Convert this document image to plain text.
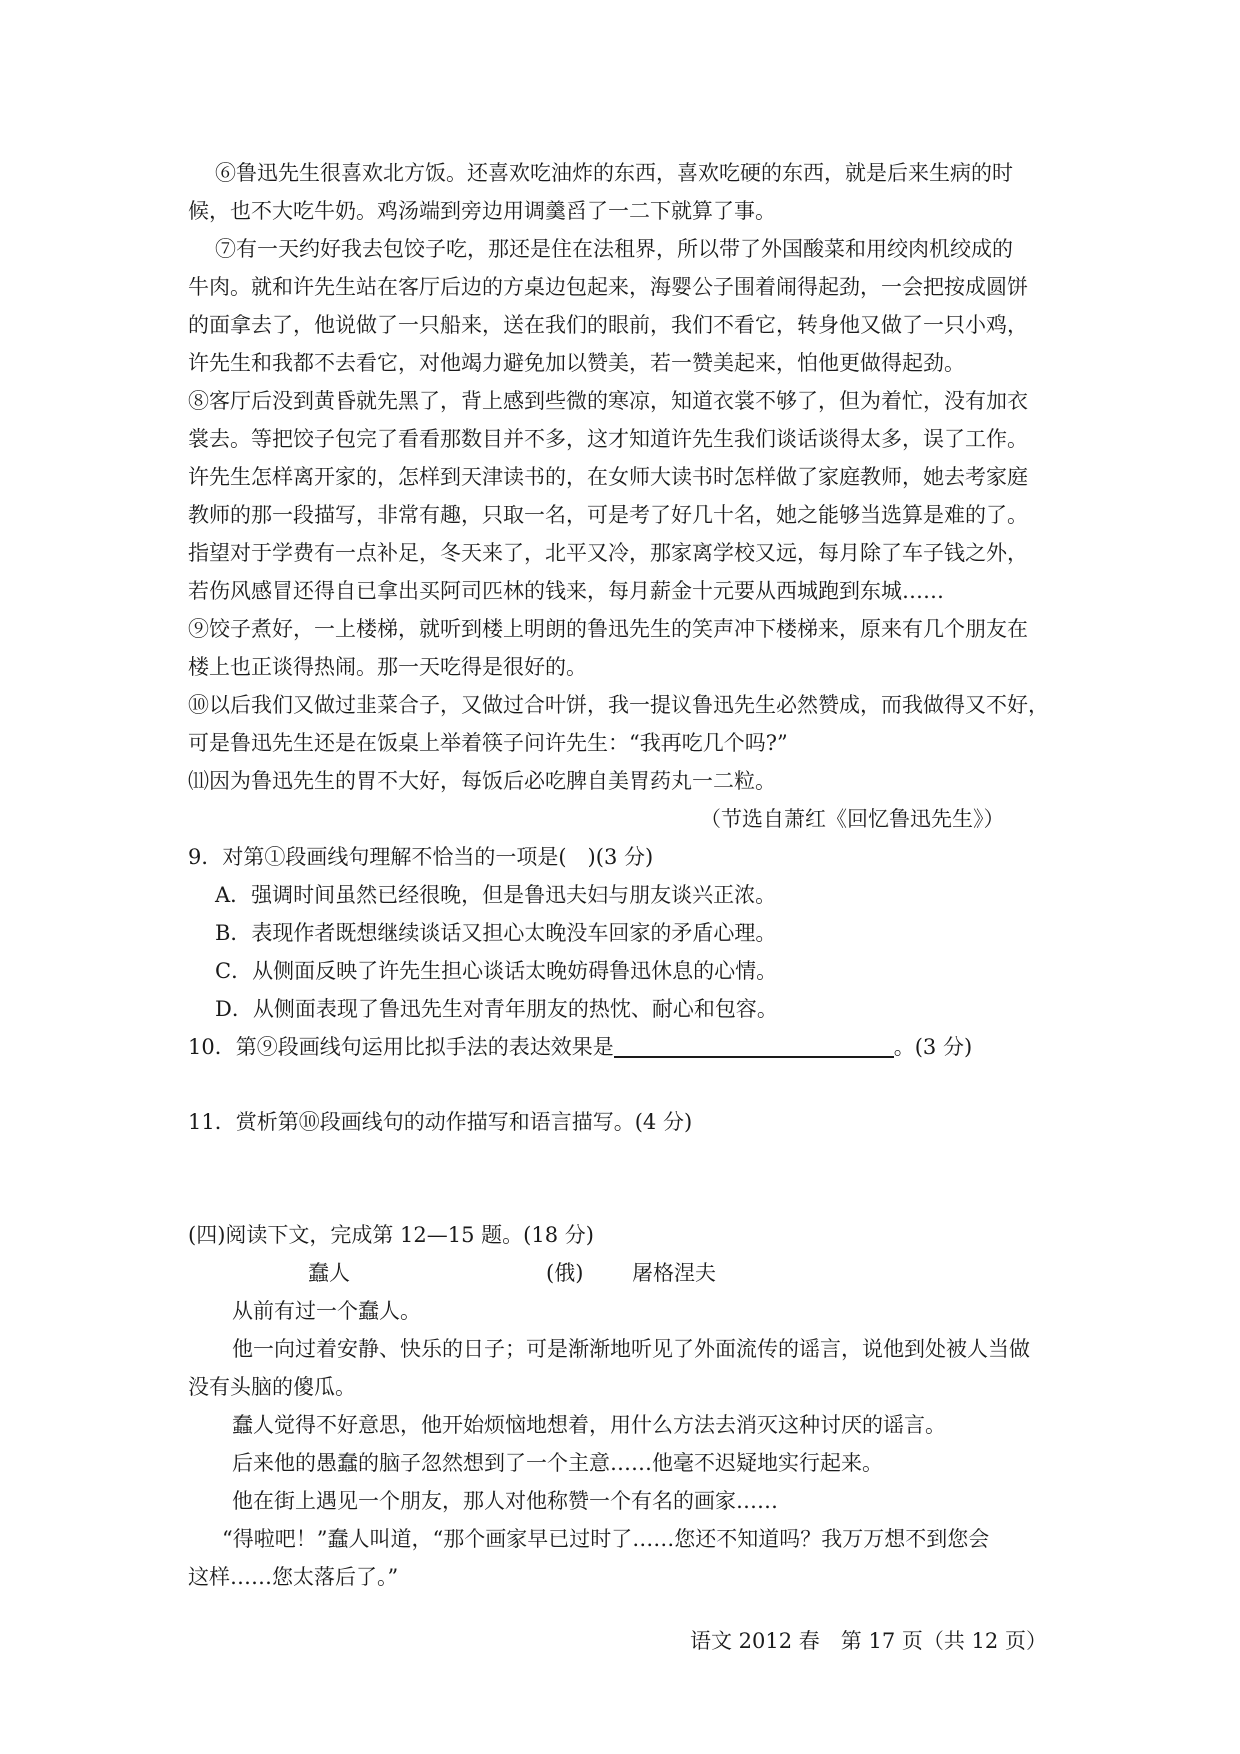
⑥鲁迅先生很喜欢北方饭。还喜欢吃油炸的东西，喜欢吃硬的东西，就是后来生病的时
候，也不大吃牛奶。鸡汤端到旁边用调羹舀了一二下就算了事。
⑦有一天约好我去包饺子吃，那还是住在法租界，所以带了外国酸菜和用绞肉机绞成的
牛肉。就和许先生站在客厅后边的方桌边包起来，海婴公子围着闹得起劲，一会把按成圆饼
的面拿去了，他说做了一只船来，送在我们的眼前，我们不看它，转身他又做了一只小鸡，
许先生和我都不去看它，对他竭力避免加以赞美，若一赞美起来，怕他更做得起劲。
⑧客厅后没到黄昏就先黑了，背上感到些微的寒凉，知道衣裳不够了，但为着忙，没有加衣
裳去。等把饺子包完了看看那数目并不多，这才知道许先生我们谈话谈得太多，误了工作。
许先生怎样离开家的，怎样到天津读书的，在女师大读书时怎样做了家庭教师，她去考家庭
教师的那一段描写，非常有趣，只取一名，可是考了好几十名，她之能够当选算是难的了。
指望对于学费有一点补足，冬天来了，北平又冷，那家离学校又远，每月除了车子钱之外，
若伤风感冒还得自已拿出买阿司匹林的钱来，每月薪金十元要从西城跑到东城……
⑨饺子煮好，一上楼梯，就听到楼上明朗的鲁迅先生的笑声冲下楼梯来，原来有几个朋友在
楼上也正谈得热闹。那一天吃得是很好的。
⑩以后我们又做过韭菜合子，又做过合叶饼，我一提议鲁迅先生必然赞成，而我做得又不好，
可是鲁迅先生还是在饭桌上举着筷子问许先生：“我再吃几个吗?”
⑾因为鲁迅先生的胃不大好，每饭后必吃脾自美胃药丸一二粒。
（节选自萧红《回忆鲁迅先生》）
9．对第①段画线句理解不恰当的一项是(　)(3 分)
A．强调时间虽然已经很晚，但是鲁迅夫妇与朋友谈兴正浓。
B．表现作者既想继续谈话又担心太晚没车回家的矛盾心理。
C．从侧面反映了许先生担心谈话太晚妨碍鲁迅休息的心情。
D．从侧面表现了鲁迅先生对青年朋友的热忱、耐心和包容。
10．第⑨段画线句运用比拟手法的表达效果是	。(3 分)
11．赏析第⑩段画线句的动作描写和语言描写。(4 分)
(四)阅读下文，完成第 12—15 题。(18 分)
蠢人	(俄)	屠格涅夫
从前有过一个蠢人。
他一向过着安静、快乐的日子；可是渐渐地听见了外面流传的谣言，说他到处被人当做
没有头脑的傻瓜。
蠢人觉得不好意思，他开始烦恼地想着，用什么方法去消灭这种讨厌的谣言。
后来他的愚蠢的脑子忽然想到了一个主意……他毫不迟疑地实行起来。
他在街上遇见一个朋友，那人对他称赞一个有名的画家……
“得啦吧！”蠢人叫道，“那个画家早已过时了……您还不知道吗？我万万想不到您会
这样……您太落后了。”
语文 2012 春　第 17 页（共 12 页）
